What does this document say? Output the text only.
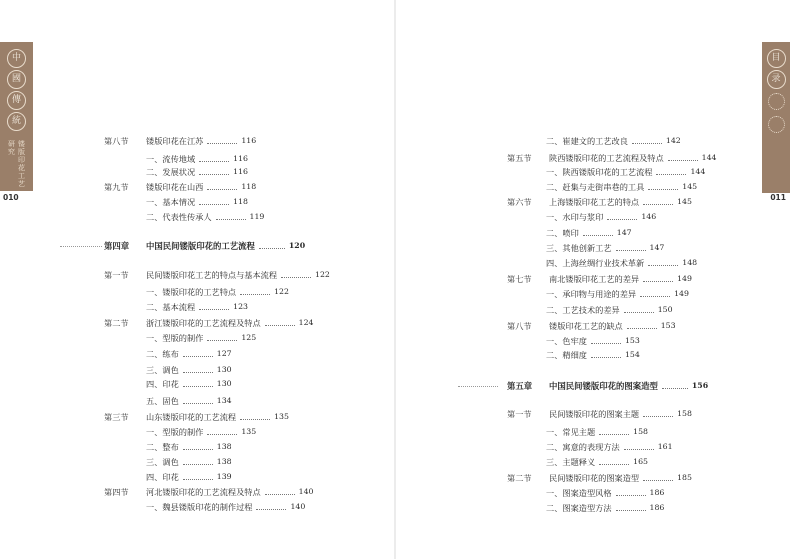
中
國
傳
統
镂版印花工艺研究
目
录
010	011
第八节	镂版印花在江苏	116
一、流传地域	116
二、发展状况	116
第九节	镂版印花在山西	118
一、基本情况	118
二、代表性传承人	119
第四章	中国民间镂版印花的工艺流程	120
第一节	民间镂版印花工艺的特点与基本流程	122
一、镂版印花的工艺特点	122
二、基本流程	123
第二节	浙江镂版印花的工艺流程及特点	124
一、型版的制作	125
二、练布	127
三、调色	130
四、印花	130
五、固色	134
第三节	山东镂版印花的工艺流程	135
一、型版的制作	135
二、整布	138
三、调色	138
四、印花	139
第四节	河北镂版印花的工艺流程及特点	140
一、魏县镂版印花的制作过程	140
二、崔建文的工艺改良	142
第五节	陕西镂版印花的工艺流程及特点	144
一、陕西镂版印花的工艺流程	144
二、赶集与走街串巷的工具	145
第六节	上海镂版印花工艺的特点	145
一、水印与浆印	146
二、喷印	147
三、其他创新工艺	147
四、上海丝绸行业技术革新	148
第七节	南北镂版印花工艺的差异	149
一、承印物与用途的差异	149
二、工艺技术的差异	150
第八节	镂版印花工艺的缺点	153
一、色牢度	153
二、精细度	154
第五章	中国民间镂版印花的图案造型	156
第一节	民间镂版印花的图案主题	158
一、常见主题	158
二、寓意的表现方法	161
三、主题释义	165
第二节	民间镂版印花的图案造型	185
一、图案造型风格	186
二、图案造型方法	186
